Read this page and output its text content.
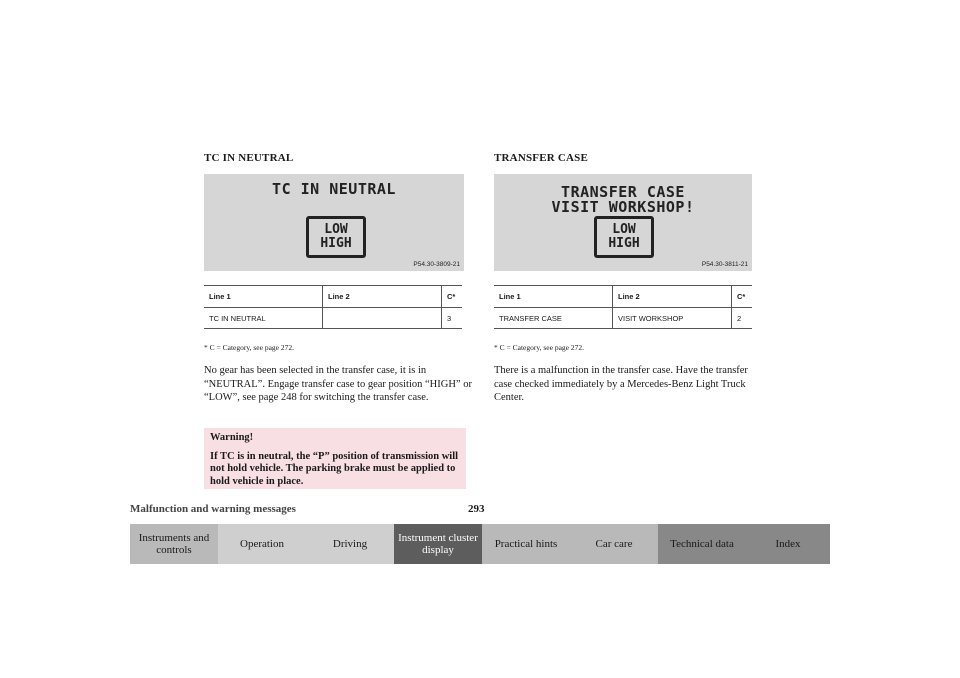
TC IN NEUTRAL
TC IN NEUTRAL
LOW
HIGH
P54.30-3809-21
Line 1	Line 2	C*
TC IN NEUTRAL		3
* C = Category, see page 272.
No gear has been selected in the transfer case, it is in “NEUTRAL”. Engage transfer case to gear position “HIGH” or “LOW”, see page 248 for switching the transfer case.
Warning!
If TC is in neutral, the “P” position of transmission will not hold vehicle. The parking brake must be applied to hold vehicle in place.
TRANSFER CASE
TRANSFER CASE
VISIT WORKSHOP!
LOW
HIGH
P54.30-3811-21
Line 1	Line 2	C*
TRANSFER CASE	VISIT WORKSHOP	2
* C = Category, see page 272.
There is a malfunction in the transfer case. Have the transfer case checked immediately by a Mercedes-Benz Light Truck Center.
Malfunction and warning messages	293
Instruments and controls	Operation	Driving	Instrument cluster display	Practical hints	Car care	Technical data	Index
